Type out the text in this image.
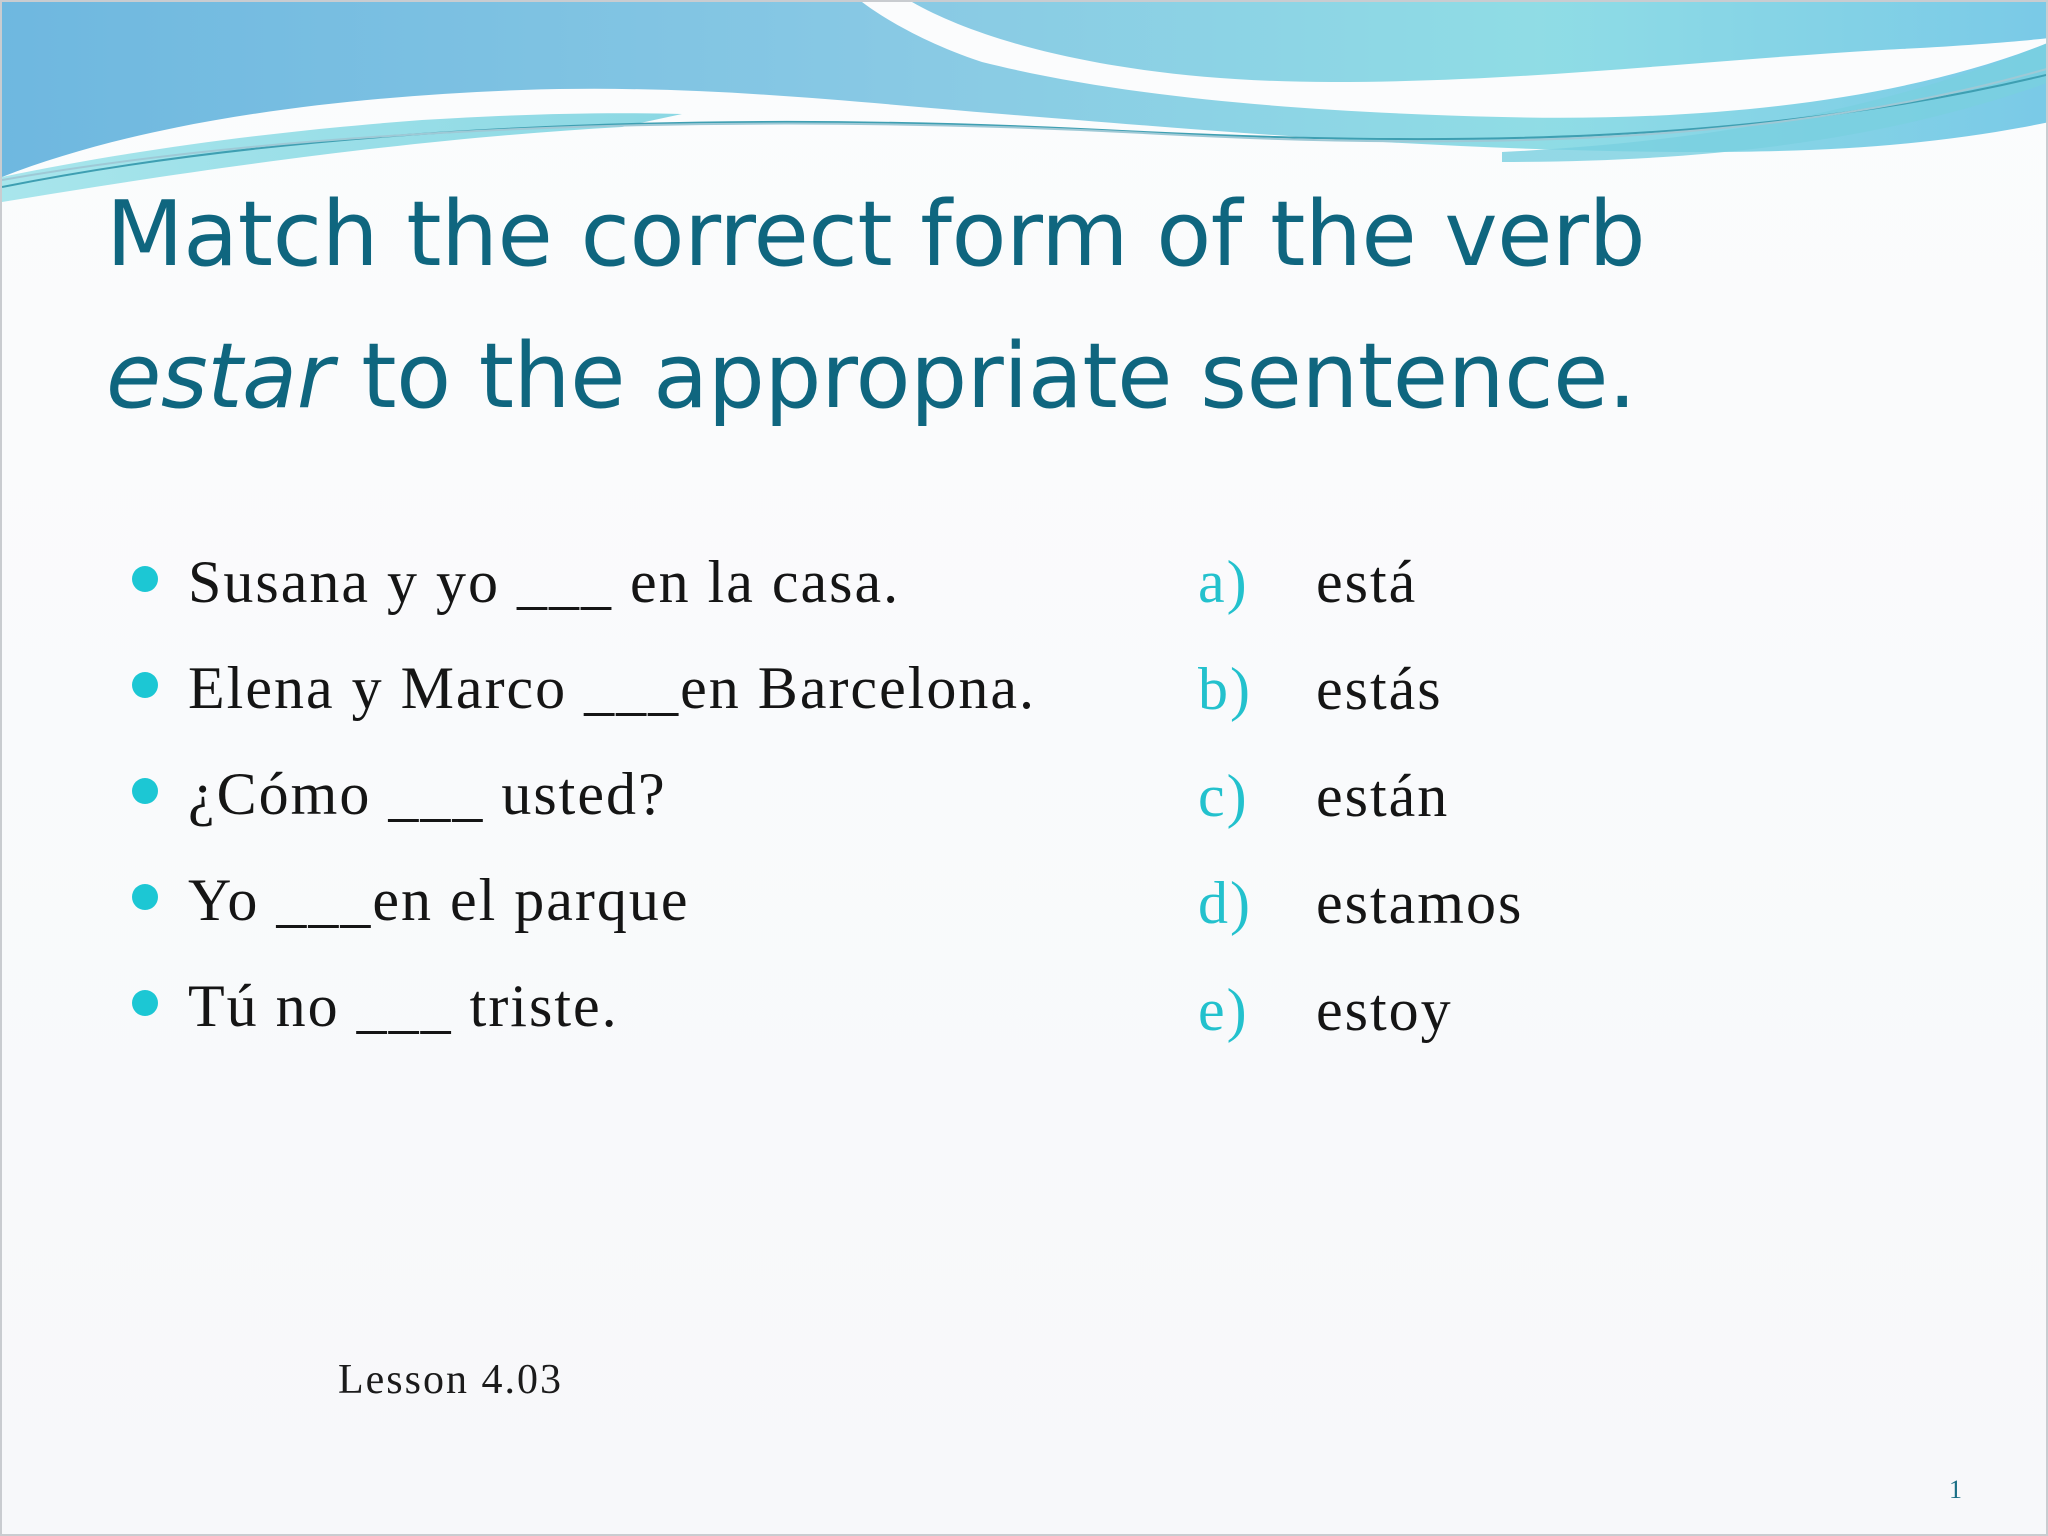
Match the correct form of the verb
estar to the appropriate sentence.
Susana y yo ___ en la casa.
Elena y Marco ___en Barcelona.
¿Cómo ___ usted?
Yo ___en el parque
Tú no ___ triste.
a) está
b) estás
c) están
d) estamos
e) estoy
Lesson 4.03
1
